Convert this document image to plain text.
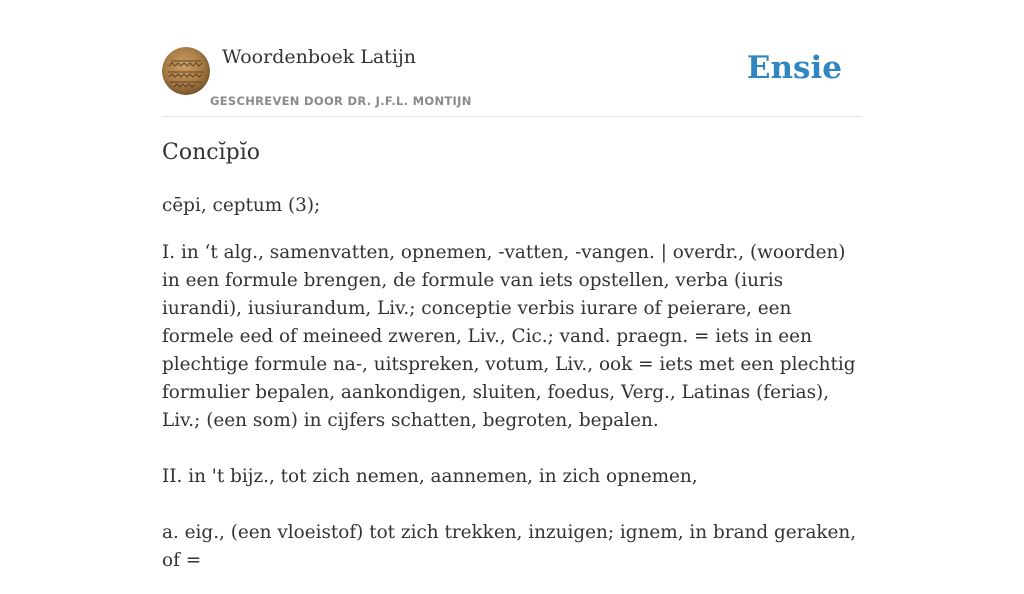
Woordenboek Latijn
GESCHREVEN DOOR DR. J.F.L. MONTIJN
Ensie
Concĭpĭo

cēpi, ceptum (3);

I. in ‘t alg., samenvatten, opnemen, -vatten, -vangen. | overdr., (woorden) in een formule brengen, de formule van iets opstellen, verba (iuris iurandi), iusiurandum, Liv.; conceptie verbis iurare of peierare, een formele eed of meineed zweren, Liv., Cic.; vand. praegn. = iets in een plechtige formule na-, uitspreken, votum, Liv., ook = iets met een plechtig formulier bepalen, aankondigen, sluiten, foedus, Verg., Latinas (ferias), Liv.; (een som) in cijfers schatten, begroten, bepalen.

II. in 't bijz., tot zich nemen, aannemen, in zich opnemen,

a. eig., (een vloeistof) tot zich trekken, inzuigen; ignem, in brand geraken, of =
